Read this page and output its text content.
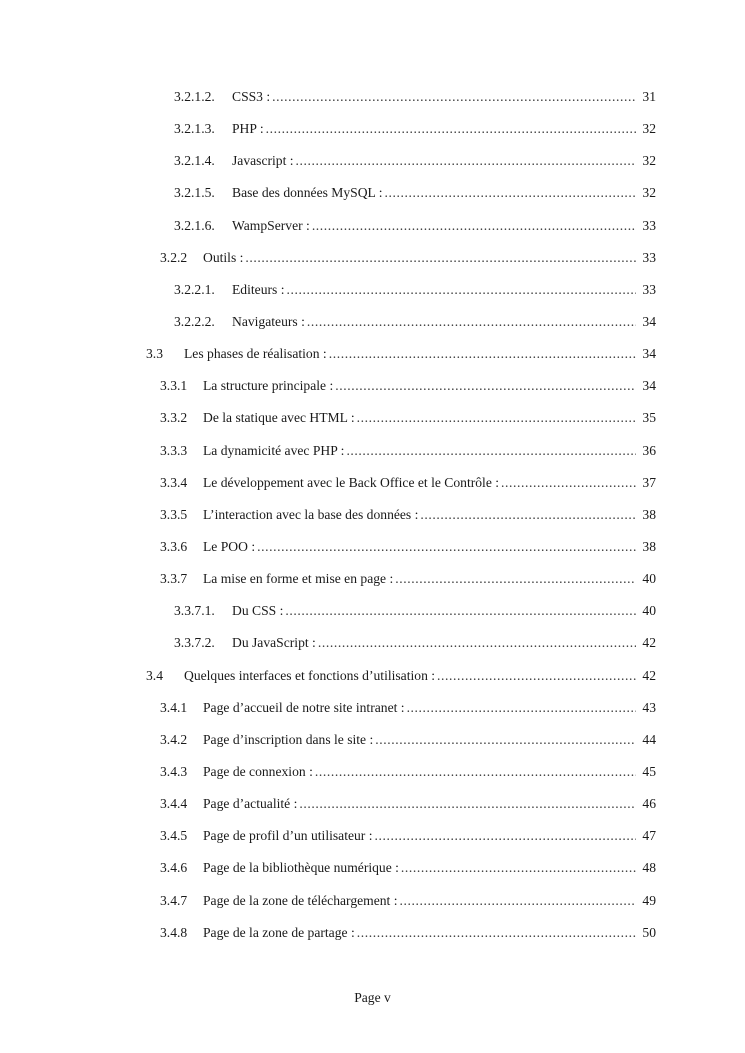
3.2.1.2.	CSS3 : .....	31
3.2.1.3.	PHP : .....	32
3.2.1.4.	Javascript : .....	32
3.2.1.5.	Base des données MySQL : .....	32
3.2.1.6.	WampServer : .....	33
3.2.2	Outils : .....	33
3.2.2.1.	Editeurs : .....	33
3.2.2.2.	Navigateurs : .....	34
3.3	Les phases de réalisation : .....	34
3.3.1	La structure principale : .....	34
3.3.2	De la statique avec HTML : .....	35
3.3.3	La dynamicité avec PHP : .....	36
3.3.4	Le développement avec le Back Office et le Contrôle : .....	37
3.3.5	L’interaction avec la base des données : .....	38
3.3.6	Le POO : .....	38
3.3.7	La mise en forme et mise en page : .....	40
3.3.7.1.	Du CSS : .....	40
3.3.7.2.	Du JavaScript : .....	42
3.4	Quelques interfaces et fonctions d’utilisation : .....	42
3.4.1	Page d’accueil de notre site intranet : .....	43
3.4.2	Page d’inscription dans le site : .....	44
3.4.3	Page de connexion : .....	45
3.4.4	Page d’actualité : .....	46
3.4.5	Page de profil d’un utilisateur : .....	47
3.4.6	Page de la bibliothèque numérique : .....	48
3.4.7	Page de la zone de téléchargement : .....	49
3.4.8	Page de la zone de partage : .....	50
Page v
